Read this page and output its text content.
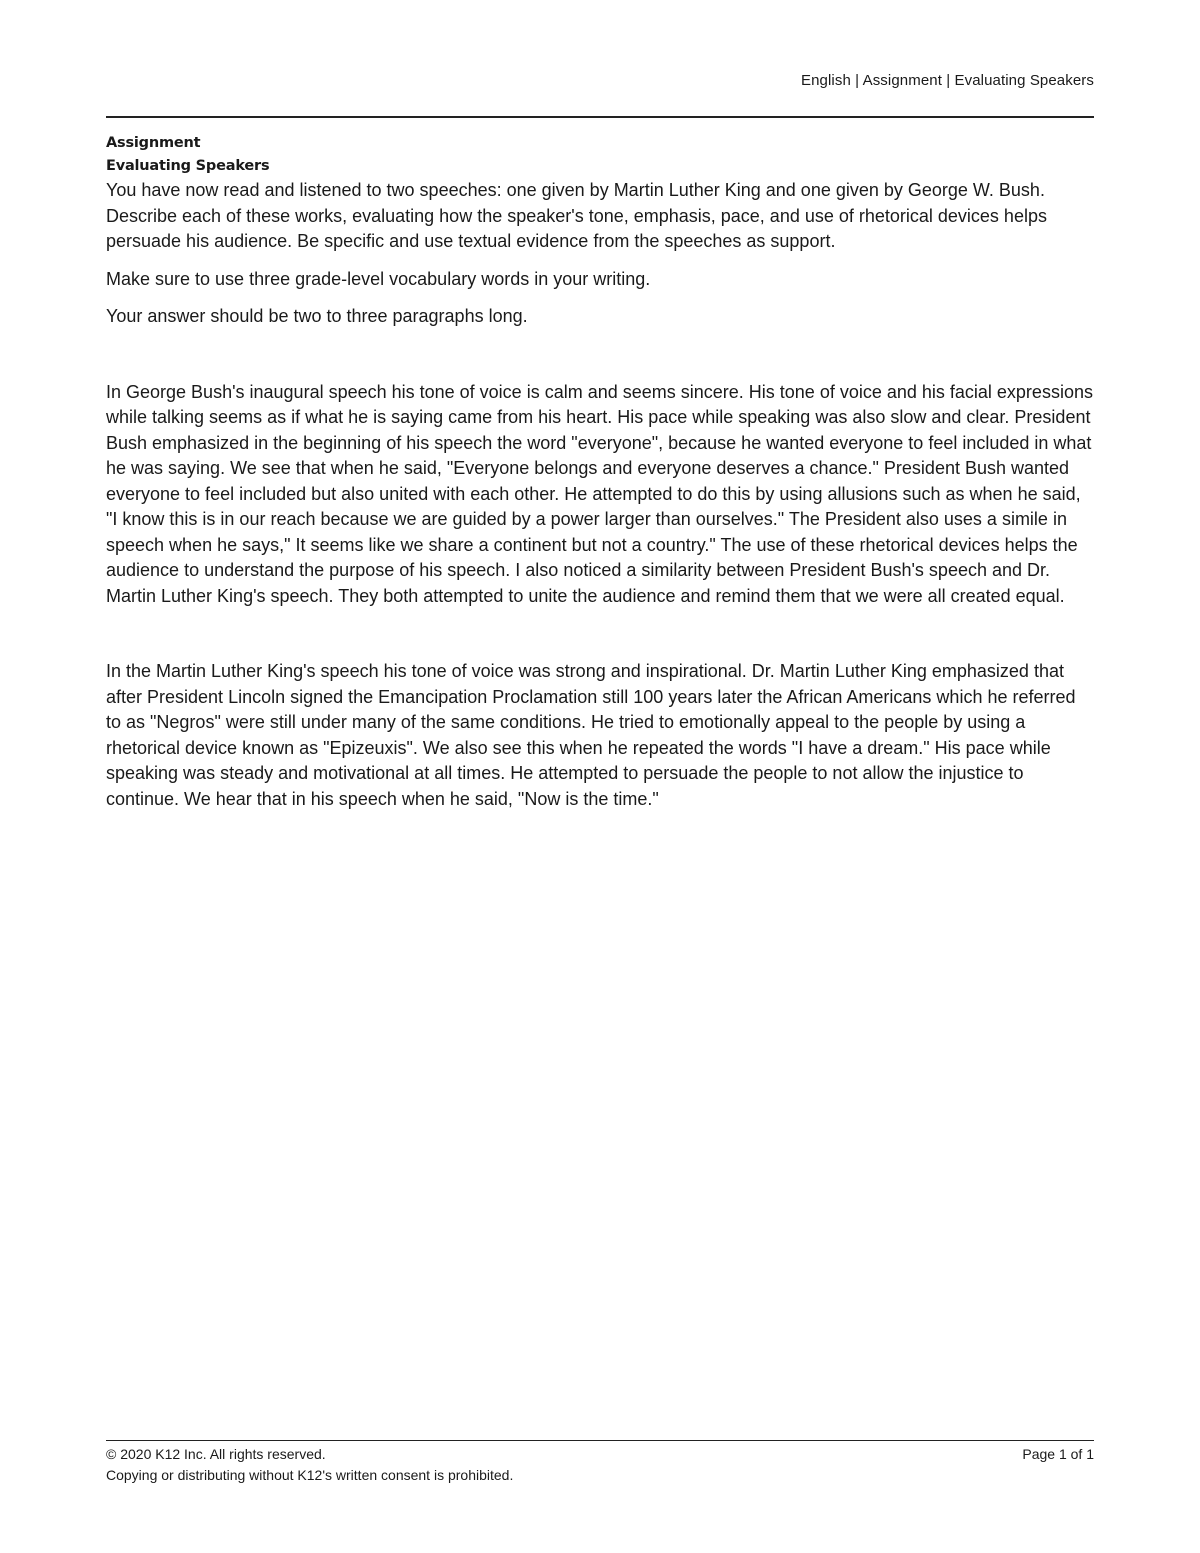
English | Assignment | Evaluating Speakers
Assignment
Evaluating Speakers

You have now read and listened to two speeches: one given by Martin Luther King and one given by George W. Bush. Describe each of these works, evaluating how the speaker's tone, emphasis, pace, and use of rhetorical devices helps persuade his audience. Be specific and use textual evidence from the speeches as support.

Make sure to use three grade-level vocabulary words in your writing.

Your answer should be two to three paragraphs long.

In George Bush's inaugural speech his tone of voice is calm and seems sincere. His tone of voice and his facial expressions while talking seems as if what he is saying came from his heart. His pace while speaking was also slow and clear. President Bush emphasized in the beginning of his speech the word "everyone", because he wanted everyone to feel included in what he was saying. We see that when he said, "Everyone belongs and everyone deserves a chance." President Bush wanted everyone to feel included but also united with each other. He attempted to do this by using allusions such as when he said, "I know this is in our reach because we are guided by a power larger than ourselves." The President also uses a simile in speech when he says," It seems like we share a continent but not a country." The use of these rhetorical devices helps the audience to understand the purpose of his speech. I also noticed a similarity between President Bush's speech and Dr. Martin Luther King's speech. They both attempted to unite the audience and remind them that we were all created equal.

In the Martin Luther King's speech his tone of voice was strong and inspirational. Dr. Martin Luther King emphasized that after President Lincoln signed the Emancipation Proclamation still 100 years later the African Americans which he referred to as "Negros" were still under many of the same conditions. He tried to emotionally appeal to the people by using a rhetorical device known as "Epizeuxis". We also see this when he repeated the words "I have a dream." His pace while speaking was steady and motivational at all times. He attempted to persuade the people to not allow the injustice to continue. We hear that in his speech when he said, "Now is the time."

© 2020 K12 Inc. All rights reserved.	Page 1 of 1
Copying or distributing without K12's written consent is prohibited.
